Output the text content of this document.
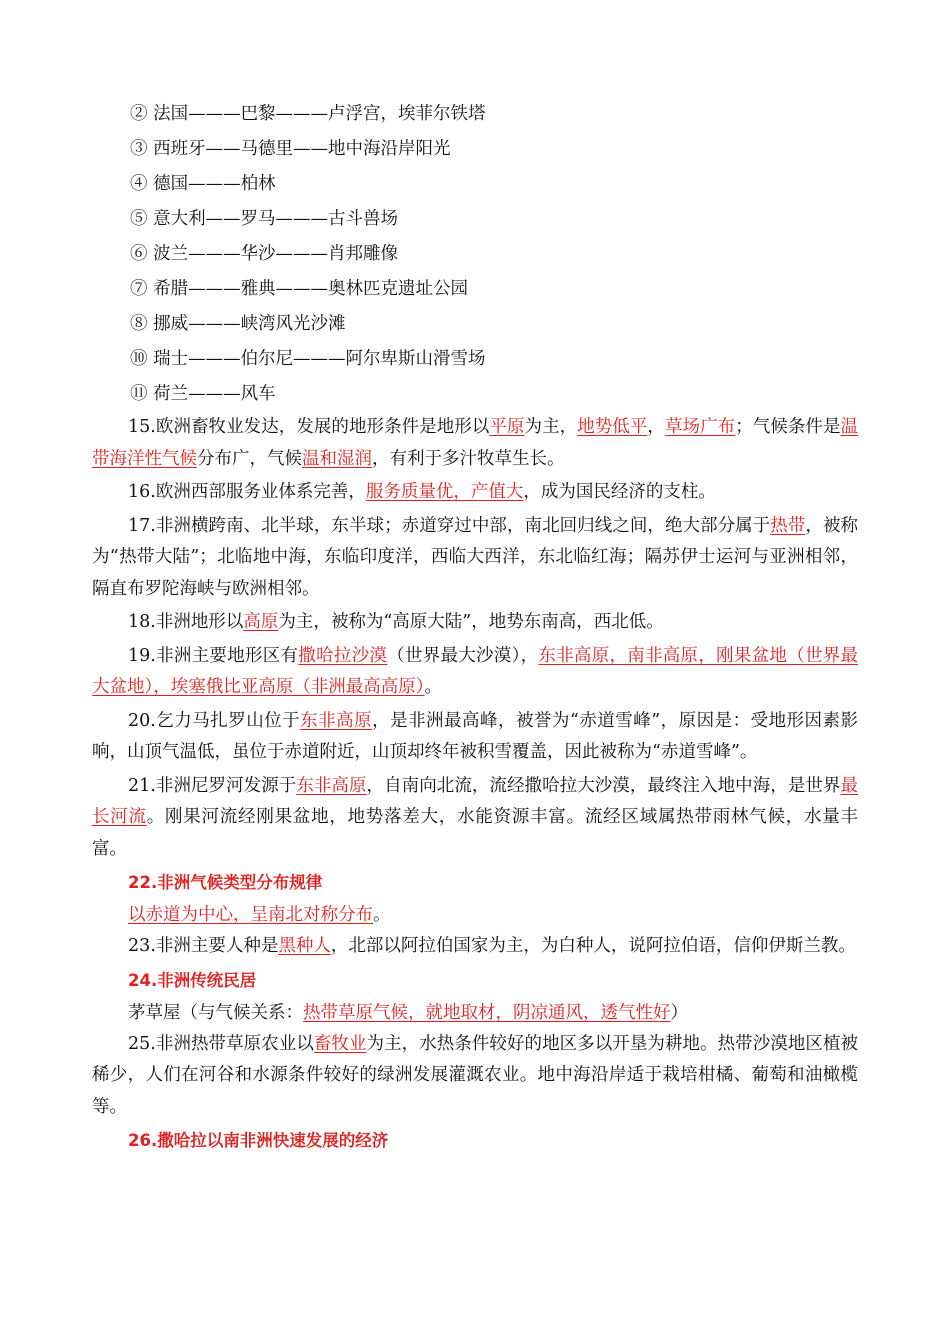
② 法国———巴黎———卢浮宫，埃菲尔铁塔

③ 西班牙——马德里——地中海沿岸阳光

④ 德国———柏林

⑤ 意大利——罗马———古斗兽场

⑥ 波兰———华沙———肖邦雕像

⑦ 希腊———雅典———奥林匹克遗址公园

⑧ 挪威———峡湾风光沙滩

⑩ 瑞士———伯尔尼———阿尔卑斯山滑雪场

⑪ 荷兰———风车

15.欧洲畜牧业发达，发展的地形条件是地形以平原为主，地势低平，草场广布；气候条件是温带海洋性气候分布广，气候温和湿润，有利于多汁牧草生长。

16.欧洲西部服务业体系完善，服务质量优，产值大，成为国民经济的支柱。

17.非洲横跨南、北半球，东半球；赤道穿过中部，南北回归线之间，绝大部分属于热带，被称为“热带大陆”；北临地中海，东临印度洋，西临大西洋，东北临红海；隔苏伊士运河与亚洲相邻，隔直布罗陀海峡与欧洲相邻。

18.非洲地形以高原为主，被称为“高原大陆”，地势东南高，西北低。

19.非洲主要地形区有撒哈拉沙漠（世界最大沙漠），东非高原，南非高原，刚果盆地（世界最大盆地），埃塞俄比亚高原（非洲最高高原）。

20.乞力马扎罗山位于东非高原，是非洲最高峰，被誉为“赤道雪峰”，原因是：受地形因素影响，山顶气温低，虽位于赤道附近，山顶却终年被积雪覆盖，因此被称为“赤道雪峰”。

21.非洲尼罗河发源于东非高原，自南向北流，流经撒哈拉大沙漠，最终注入地中海，是世界最长河流。刚果河流经刚果盆地，地势落差大，水能资源丰富。流经区域属热带雨林气候，水量丰富。

22.非洲气候类型分布规律

以赤道为中心，呈南北对称分布。

23.非洲主要人种是黑种人，北部以阿拉伯国家为主，为白种人，说阿拉伯语，信仰伊斯兰教。

24.非洲传统民居

茅草屋（与气候关系：热带草原气候，就地取材，阴凉通风，透气性好）

25.非洲热带草原农业以畜牧业为主，水热条件较好的地区多以开垦为耕地。热带沙漠地区植被稀少，人们在河谷和水源条件较好的绿洲发展灌溉农业。地中海沿岸适于栽培柑橘、葡萄和油橄榄等。

26.撒哈拉以南非洲快速发展的经济
